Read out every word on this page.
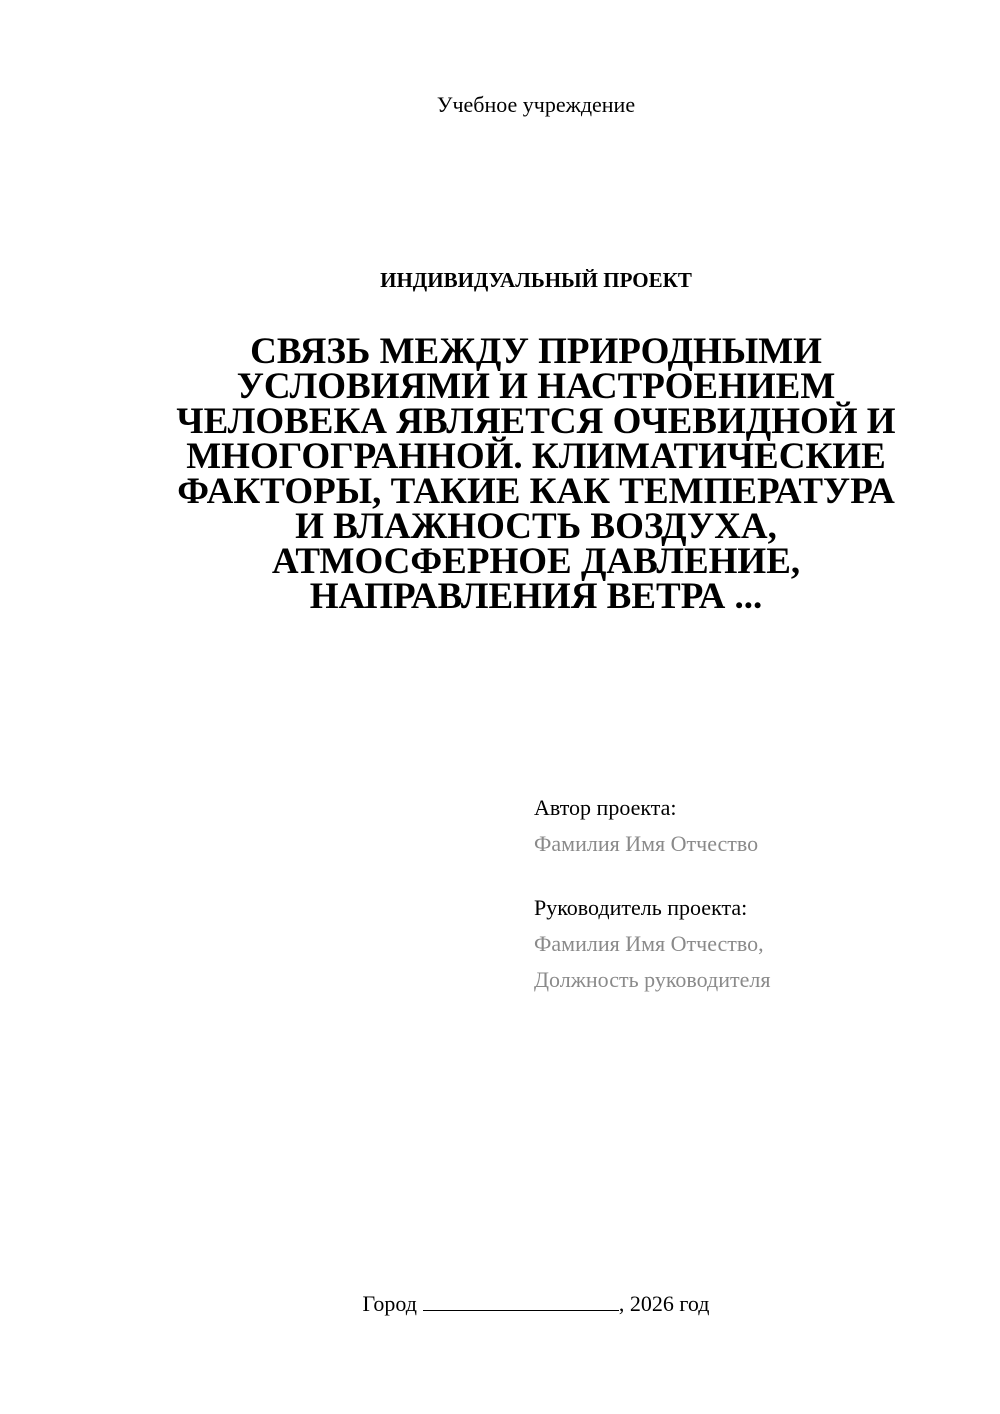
Учебное учреждение
ИНДИВИДУАЛЬНЫЙ ПРОЕКТ
СВЯЗЬ МЕЖДУ ПРИРОДНЫМИ
УСЛОВИЯМИ И НАСТРОЕНИЕМ
ЧЕЛОВЕКА ЯВЛЯЕТСЯ ОЧЕВИДНОЙ И
МНОГОГРАННОЙ. КЛИМАТИЧЕСКИЕ
ФАКТОРЫ, ТАКИЕ КАК ТЕМПЕРАТУРА
И ВЛАЖНОСТЬ ВОЗДУХА,
АТМОСФЕРНОЕ ДАВЛЕНИЕ,
НАПРАВЛЕНИЯ ВЕТРА ...
Автор проекта:
Фамилия Имя Отчество
Руководитель проекта:
Фамилия Имя Отчество,
Должность руководителя
Город	, 2026 год
